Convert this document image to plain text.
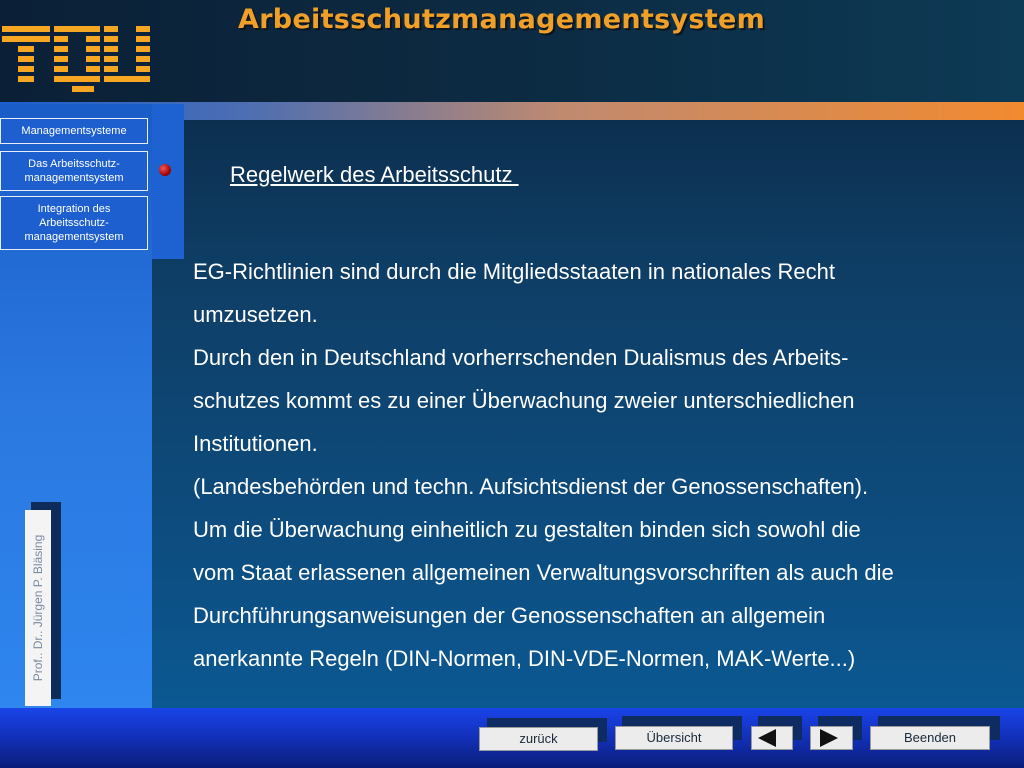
Arbeitsschutzmanagementsystem
Managementsysteme
Das Arbeitsschutz-managementsystem
Integration des Arbeitsschutz-managementsystem

Regelwerk des Arbeitsschutz

EG-Richtlinien sind durch die Mitgliedsstaaten in nationales Recht
umzusetzen.
Durch den in Deutschland vorherrschenden Dualismus des Arbeits-
schutzes kommt es zu einer Überwachung zweier unterschiedlichen
Institutionen.
(Landesbehörden und techn. Aufsichtsdienst der Genossenschaften).
Um die Überwachung einheitlich zu gestalten binden sich sowohl die
vom Staat erlassenen allgemeinen Verwaltungsvorschriften als auch die
Durchführungsanweisungen der Genossenschaften an allgemein
anerkannte Regeln (DIN-Normen, DIN-VDE-Normen, MAK-Werte...)
Prof.. Dr.. Jürgen P. Bläsing
zurück	Übersicht	Beenden
